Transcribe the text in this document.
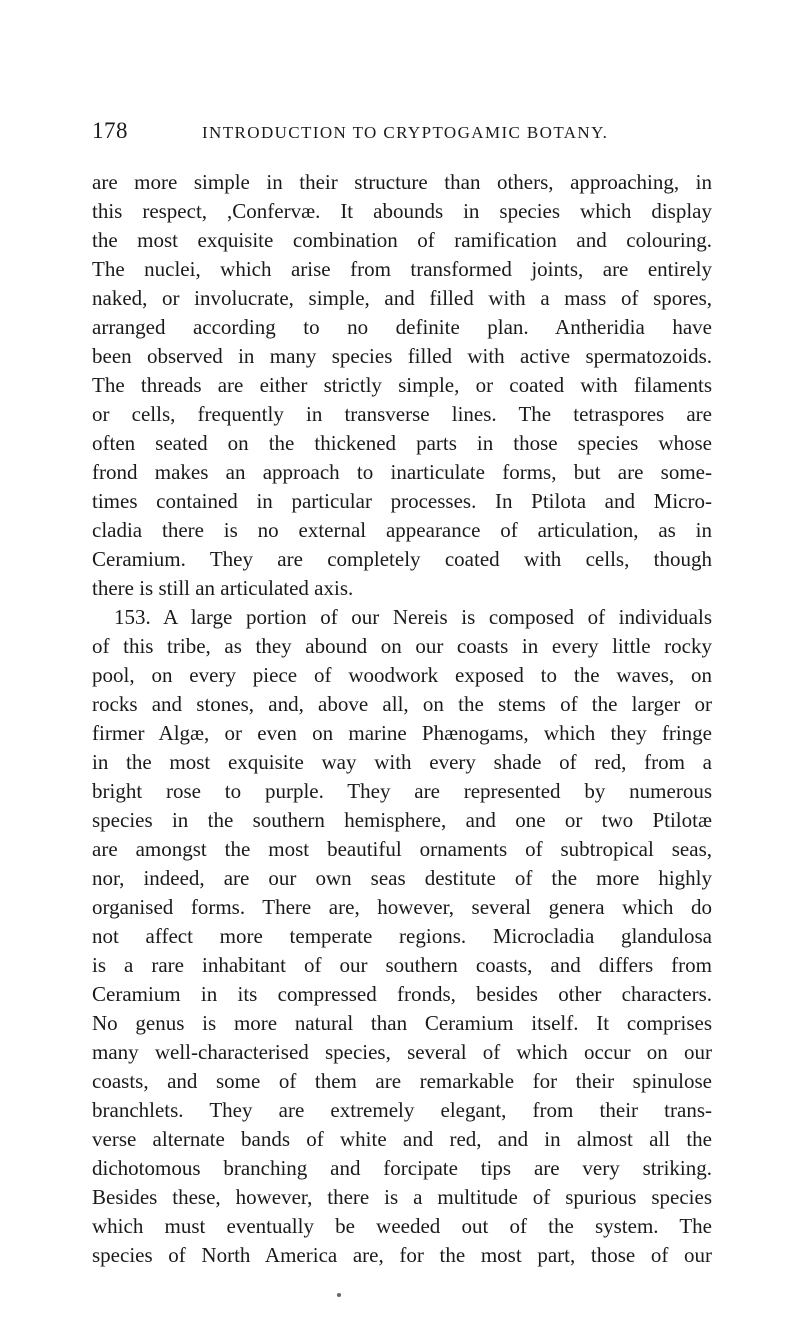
178	INTRODUCTION TO CRYPTOGAMIC BOTANY.
are more simple in their structure than others, approaching, in
this respect, ,Confervæ. It abounds in species which display
the most exquisite combination of ramification and colouring.
The nuclei, which arise from transformed joints, are entirely
naked, or involucrate, simple, and filled with a mass of spores,
arranged according to no definite plan. Antheridia have
been observed in many species filled with active spermatozoids.
The threads are either strictly simple, or coated with filaments
or cells, frequently in transverse lines. The tetraspores are
often seated on the thickened parts in those species whose
frond makes an approach to inarticulate forms, but are some-
times contained in particular processes. In Ptilota and Micro-
cladia there is no external appearance of articulation, as in
Ceramium. They are completely coated with cells, though
there is still an articulated axis.
153. A large portion of our Nereis is composed of individuals
of this tribe, as they abound on our coasts in every little rocky
pool, on every piece of woodwork exposed to the waves, on
rocks and stones, and, above all, on the stems of the larger or
firmer Algæ, or even on marine Phænogams, which they fringe
in the most exquisite way with every shade of red, from a
bright rose to purple. They are represented by numerous
species in the southern hemisphere, and one or two Ptilotæ
are amongst the most beautiful ornaments of subtropical seas,
nor, indeed, are our own seas destitute of the more highly
organised forms. There are, however, several genera which do
not affect more temperate regions. Microcladia glandulosa
is a rare inhabitant of our southern coasts, and differs from
Ceramium in its compressed fronds, besides other characters.
No genus is more natural than Ceramium itself. It comprises
many well-characterised species, several of which occur on our
coasts, and some of them are remarkable for their spinulose
branchlets. They are extremely elegant, from their trans-
verse alternate bands of white and red, and in almost all the
dichotomous branching and forcipate tips are very striking.
Besides these, however, there is a multitude of spurious species
which must eventually be weeded out of the system. The
species of North America are, for the most part, those of our
